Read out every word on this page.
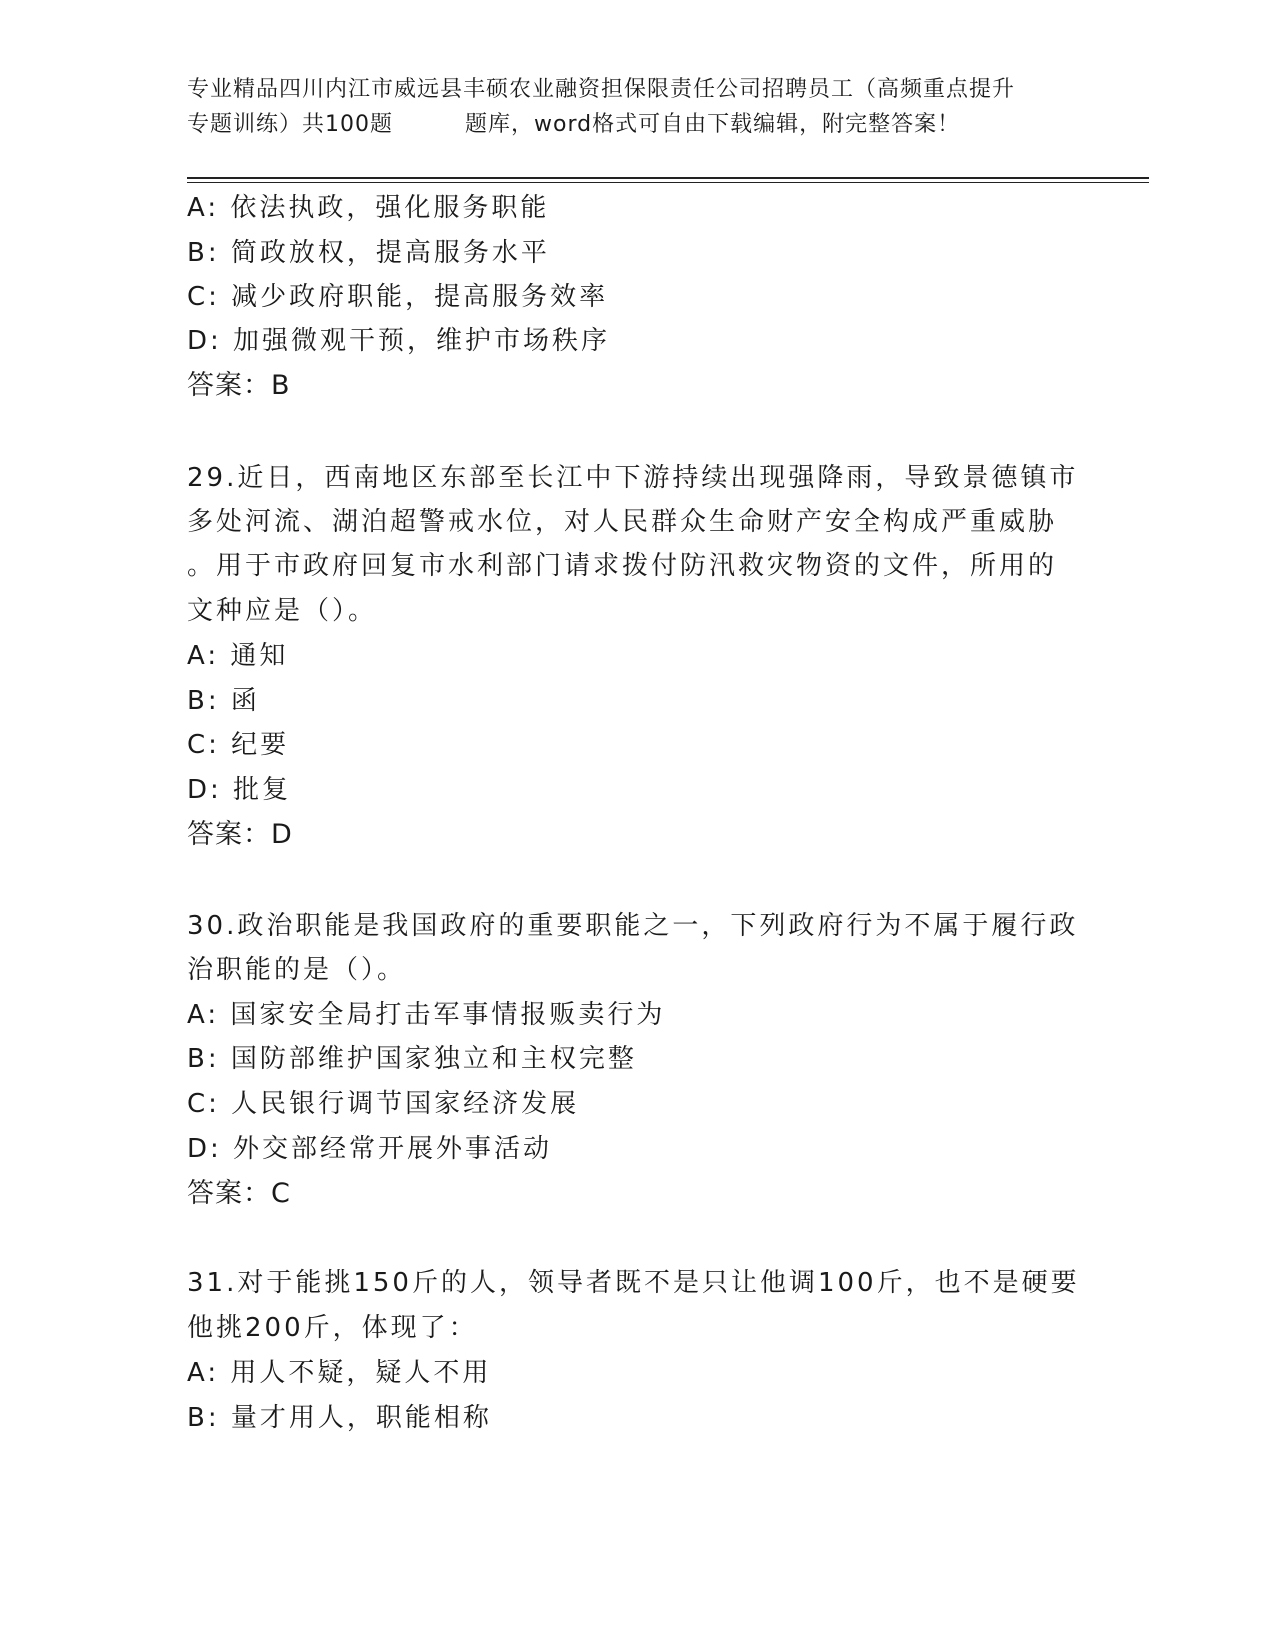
专业精品四川内江市威远县丰硕农业融资担保限责任公司招聘员工（高频重点提升
专题训练）共100题	题库，word格式可自由下载编辑，附完整答案！
A: 依法执政，强化服务职能
B: 简政放权，提高服务水平
C: 减少政府职能，提高服务效率
D: 加强微观干预，维护市场秩序
答案：B
29.近日，西南地区东部至长江中下游持续出现强降雨，导致景德镇市
多处河流、湖泊超警戒水位，对人民群众生命财产安全构成严重威胁
。用于市政府回复市水利部门请求拨付防汛救灾物资的文件，所用的
文种应是（）。
A: 通知
B: 函
C: 纪要
D: 批复
答案：D
30.政治职能是我国政府的重要职能之一，下列政府行为不属于履行政
治职能的是（）。
A: 国家安全局打击军事情报贩卖行为
B: 国防部维护国家独立和主权完整
C: 人民银行调节国家经济发展
D: 外交部经常开展外事活动
答案：C
31.对于能挑150斤的人，领导者既不是只让他调100斤，也不是硬要
他挑200斤，体现了：
A: 用人不疑，疑人不用
B: 量才用人，职能相称
